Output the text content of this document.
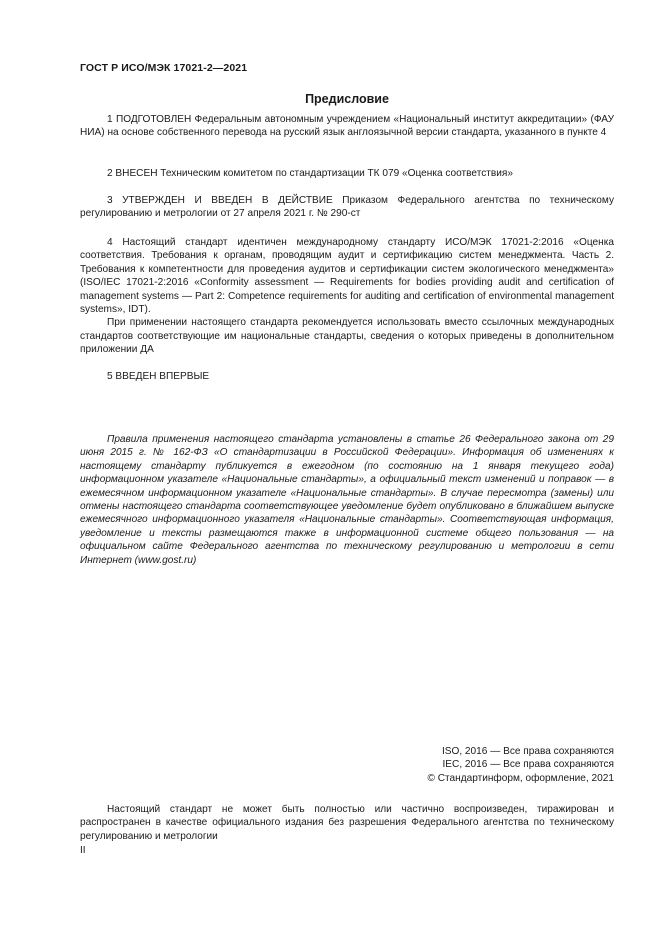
ГОСТ Р ИСО/МЭК 17021-2—2021
Предисловие

1 ПОДГОТОВЛЕН Федеральным автономным учреждением «Национальный институт аккредитации» (ФАУ НИА) на основе собственного перевода на русский язык англоязычной версии стандарта, указанного в пункте 4

2 ВНЕСЕН Техническим комитетом по стандартизации ТК 079 «Оценка соответствия»

3 УТВЕРЖДЕН И ВВЕДЕН В ДЕЙСТВИЕ Приказом Федерального агентства по техническому регулированию и метрологии от 27 апреля 2021 г. № 290-ст

4 Настоящий стандарт идентичен международному стандарту ИСО/МЭК 17021-2:2016 «Оценка соответствия. Требования к органам, проводящим аудит и сертификацию систем менеджмента. Часть 2. Требования к компетентности для проведения аудитов и сертификации систем экологического менеджмента» (ISO/IEC 17021-2:2016 «Conformity assessment — Requirements for bodies providing audit and certification of management systems — Part 2: Competence requirements for auditing and certification of environmental management systems», IDT).

При применении настоящего стандарта рекомендуется использовать вместо ссылочных международных стандартов соответствующие им национальные стандарты, сведения о которых приведены в дополнительном приложении ДА

5 ВВЕДЕН ВПЕРВЫЕ

Правила применения настоящего стандарта установлены в статье 26 Федерального закона от 29 июня 2015 г. № 162-ФЗ «О стандартизации в Российской Федерации». Информация об изменениях к настоящему стандарту публикуется в ежегодном (по состоянию на 1 января текущего года) информационном указателе «Национальные стандарты», а официальный текст изменений и поправок — в ежемесячном информационном указателе «Национальные стандарты». В случае пересмотра (замены) или отмены настоящего стандарта соответствующее уведомление будет опубликовано в ближайшем выпуске ежемесячного информационного указателя «Национальные стандарты». Соответствующая информация, уведомление и тексты размещаются также в информационной системе общего пользования — на официальном сайте Федерального агентства по техническому регулированию и метрологии в сети Интернет (www.gost.ru)
ISO, 2016 — Все права сохраняются
IEC, 2016 — Все права сохраняются
© Стандартинформ, оформление, 2021
Настоящий стандарт не может быть полностью или частично воспроизведен, тиражирован и распространен в качестве официального издания без разрешения Федерального агентства по техническому регулированию и метрологии
II
